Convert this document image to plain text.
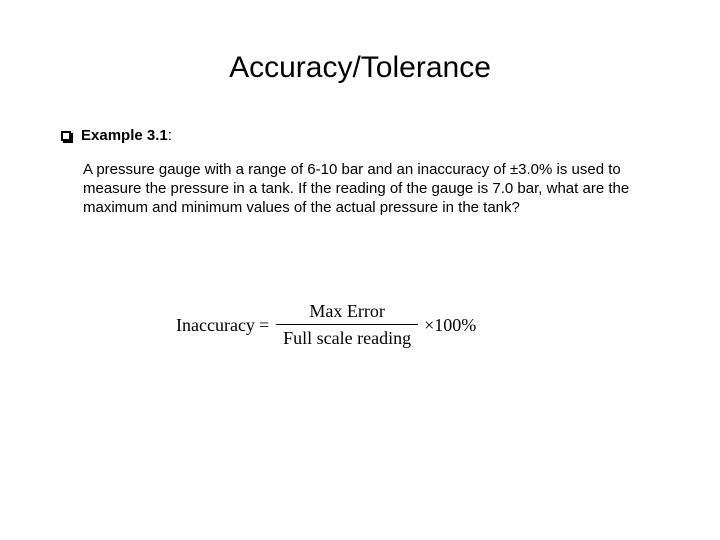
Accuracy/Tolerance
Example 3.1 :
A pressure gauge with a range of 6-10 bar and an inaccuracy of ±3.0% is used to measure the pressure in a tank. If the reading of the gauge is 7.0 bar, what are the maximum and minimum values of the actual pressure in the tank?
Inaccuracy = $\frac{\text{Max Error}}{\text{Full scale reading}} \times 100\%$
